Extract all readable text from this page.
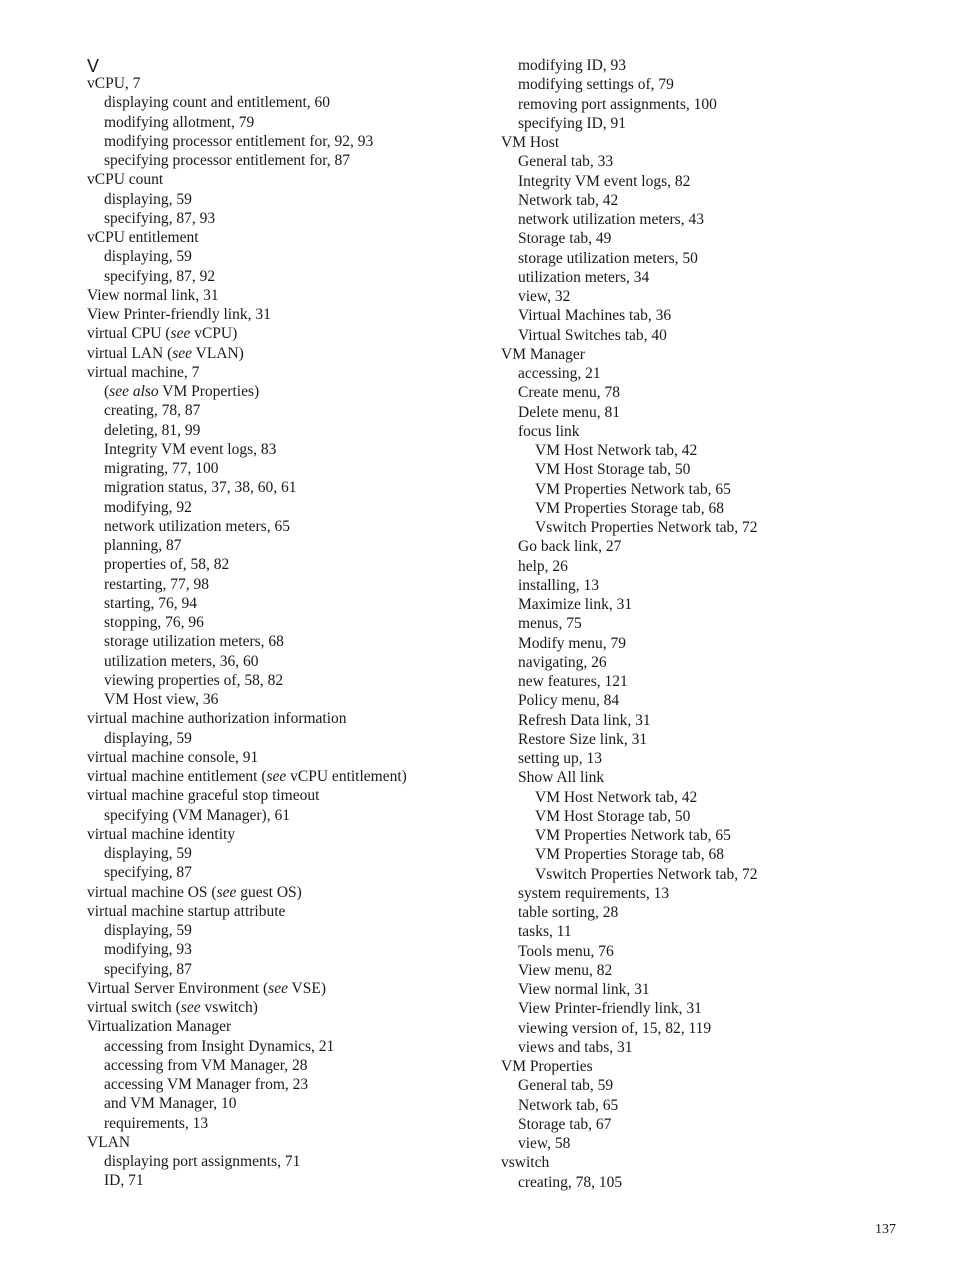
V
vCPU, 7
displaying count and entitlement, 60
modifying allotment, 79
modifying processor entitlement for, 92, 93
specifying processor entitlement for, 87
vCPU count
displaying, 59
specifying, 87, 93
vCPU entitlement
displaying, 59
specifying, 87, 92
View normal link, 31
View Printer-friendly link, 31
virtual CPU (see vCPU)
virtual LAN (see VLAN)
virtual machine, 7
(see also VM Properties)
creating, 78, 87
deleting, 81, 99
Integrity VM event logs, 83
migrating, 77, 100
migration status, 37, 38, 60, 61
modifying, 92
network utilization meters, 65
planning, 87
properties of, 58, 82
restarting, 77, 98
starting, 76, 94
stopping, 76, 96
storage utilization meters, 68
utilization meters, 36, 60
viewing properties of, 58, 82
VM Host view, 36
virtual machine authorization information
displaying, 59
virtual machine console, 91
virtual machine entitlement (see vCPU entitlement)
virtual machine graceful stop timeout
specifying (VM Manager), 61
virtual machine identity
displaying, 59
specifying, 87
virtual machine OS (see guest OS)
virtual machine startup attribute
displaying, 59
modifying, 93
specifying, 87
Virtual Server Environment (see VSE)
virtual switch (see vswitch)
Virtualization Manager
accessing from Insight Dynamics, 21
accessing from VM Manager, 28
accessing VM Manager from, 23
and VM Manager, 10
requirements, 13
VLAN
displaying port assignments, 71
ID, 71
modifying ID, 93
modifying settings of, 79
removing port assignments, 100
specifying ID, 91
VM Host
General tab, 33
Integrity VM event logs, 82
Network tab, 42
network utilization meters, 43
Storage tab, 49
storage utilization meters, 50
utilization meters, 34
view, 32
Virtual Machines tab, 36
Virtual Switches tab, 40
VM Manager
accessing, 21
Create menu, 78
Delete menu, 81
focus link
VM Host Network tab, 42
VM Host Storage tab, 50
VM Properties Network tab, 65
VM Properties Storage tab, 68
Vswitch Properties Network tab, 72
Go back link, 27
help, 26
installing, 13
Maximize link, 31
menus, 75
Modify menu, 79
navigating, 26
new features, 121
Policy menu, 84
Refresh Data link, 31
Restore Size link, 31
setting up, 13
Show All link
VM Host Network tab, 42
VM Host Storage tab, 50
VM Properties Network tab, 65
VM Properties Storage tab, 68
Vswitch Properties Network tab, 72
system requirements, 13
table sorting, 28
tasks, 11
Tools menu, 76
View menu, 82
View normal link, 31
View Printer-friendly link, 31
viewing version of, 15, 82, 119
views and tabs, 31
VM Properties
General tab, 59
Network tab, 65
Storage tab, 67
view, 58
vswitch
creating, 78, 105
137
